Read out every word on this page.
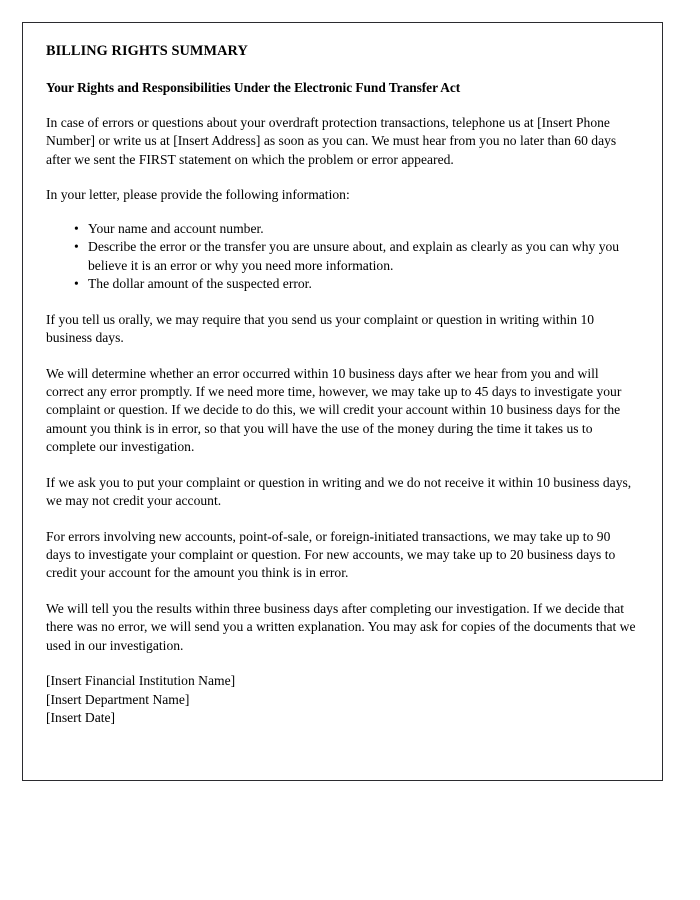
BILLING RIGHTS SUMMARY
Your Rights and Responsibilities Under the Electronic Fund Transfer Act

In case of errors or questions about your overdraft protection transactions, telephone us at [Insert Phone Number] or write us at [Insert Address] as soon as you can. We must hear from you no later than 60 days after we sent the FIRST statement on which the problem or error appeared.

In your letter, please provide the following information:

• Your name and account number.
• Describe the error or the transfer you are unsure about, and explain as clearly as you can why you believe it is an error or why you need more information.
• The dollar amount of the suspected error.

If you tell us orally, we may require that you send us your complaint or question in writing within 10 business days.

We will determine whether an error occurred within 10 business days after we hear from you and will correct any error promptly. If we need more time, however, we may take up to 45 days to investigate your complaint or question. If we decide to do this, we will credit your account within 10 business days for the amount you think is in error, so that you will have the use of the money during the time it takes us to complete our investigation.

If we ask you to put your complaint or question in writing and we do not receive it within 10 business days, we may not credit your account.

For errors involving new accounts, point-of-sale, or foreign-initiated transactions, we may take up to 90 days to investigate your complaint or question. For new accounts, we may take up to 20 business days to credit your account for the amount you think is in error.

We will tell you the results within three business days after completing our investigation. If we decide that there was no error, we will send you a written explanation. You may ask for copies of the documents that we used in our investigation.

[Insert Financial Institution Name]
[Insert Department Name]
[Insert Date]
